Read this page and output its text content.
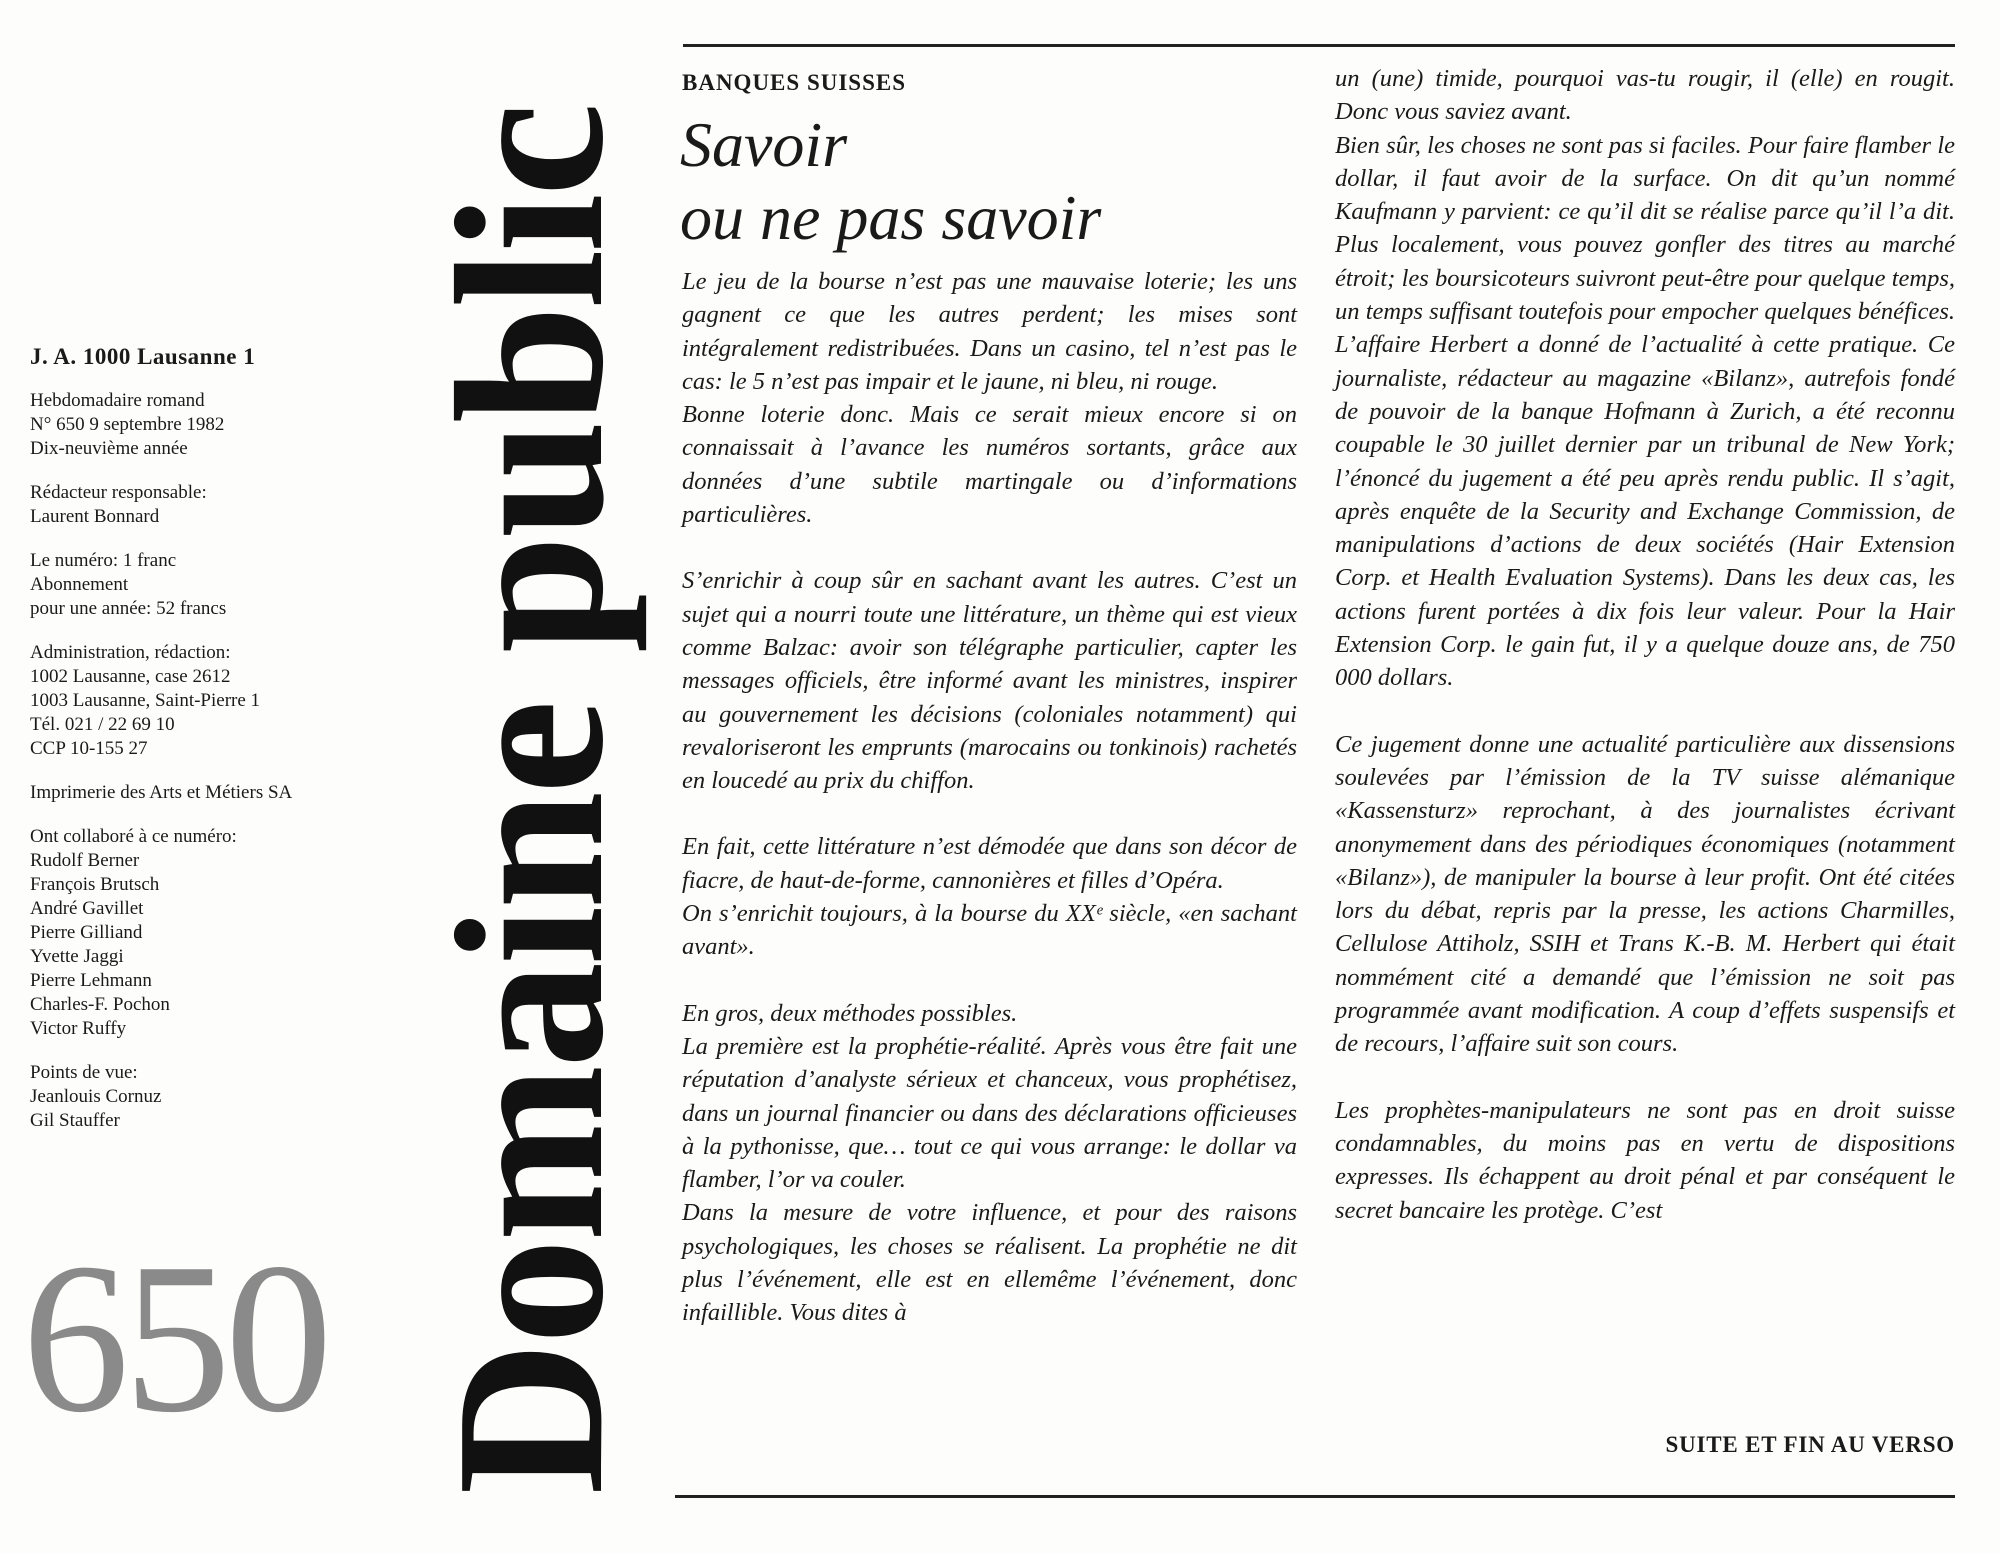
J. A. 1000 Lausanne 1
Hebdomadaire romand
N° 650 9 septembre 1982
Dix-neuvième année
Rédacteur responsable:
Laurent Bonnard
Le numéro: 1 franc
Abonnement
pour une année: 52 francs
Administration, rédaction:
1002 Lausanne, case 2612
1003 Lausanne, Saint-Pierre 1
Tél. 021 / 22 69 10
CCP 10-155 27
Imprimerie des Arts et Métiers SA
Ont collaboré à ce numéro:
Rudolf Berner
François Brutsch
André Gavillet
Pierre Gilliand
Yvette Jaggi
Pierre Lehmann
Charles-F. Pochon
Victor Ruffy
Points de vue:
Jeanlouis Cornuz
Gil Stauffer
650 Domaine public
BANQUES SUISSES
Savoir
ou ne pas savoir

Le jeu de la bourse n’est pas une mauvaise loterie; les uns gagnent ce que les autres perdent; les mises sont intégralement redistribuées. Dans un casino, tel n’est pas le cas: le 5 n’est pas impair et le jaune, ni bleu, ni rouge.

Bonne loterie donc. Mais ce serait mieux encore si on connaissait à l’avance les numéros sortants, grâce aux données d’une subtile martingale ou d’informations particulières.

S’enrichir à coup sûr en sachant avant les autres. C’est un sujet qui a nourri toute une littérature, un thème qui est vieux comme Balzac: avoir son télégraphe particulier, capter les messages officiels, être informé avant les ministres, inspirer au gouvernement les décisions (coloniales notamment) qui revaloriseront les emprunts (marocains ou tonkinois) rachetés en loucedé au prix du chiffon.

En fait, cette littérature n’est démodée que dans son décor de fiacre, de haut-de-forme, cannonières et filles d’Opéra.

On s’enrichit toujours, à la bourse du XXᵉ siècle, «en sachant avant».

En gros, deux méthodes possibles.

La première est la prophétie-réalité. Après vous être fait une réputation d’analyste sérieux et chanceux, vous prophétisez, dans un journal financier ou dans des déclarations officieuses à la pythonisse, que… tout ce qui vous arrange: le dollar va flamber, l’or va couler.

Dans la mesure de votre influence, et pour des raisons psychologiques, les choses se réalisent. La prophétie ne dit plus l’événement, elle est en ellemême l’événement, donc infaillible. Vous dites à

un (une) timide, pourquoi vas-tu rougir, il (elle) en rougit. Donc vous saviez avant.

Bien sûr, les choses ne sont pas si faciles. Pour faire flamber le dollar, il faut avoir de la surface. On dit qu’un nommé Kaufmann y parvient: ce qu’il dit se réalise parce qu’il l’a dit. Plus localement, vous pouvez gonfler des titres au marché étroit; les boursicoteurs suivront peut-être pour quelque temps, un temps suffisant toutefois pour empocher quelques bénéfices. L’affaire Herbert a donné de l’actualité à cette pratique. Ce journaliste, rédacteur au magazine «Bilanz», autrefois fondé de pouvoir de la banque Hofmann à Zurich, a été reconnu coupable le 30 juillet dernier par un tribunal de New York; l’énoncé du jugement a été peu après rendu public. Il s’agit, après enquête de la Security and Exchange Commission, de manipulations d’actions de deux sociétés (Hair Extension Corp. et Health Evaluation Systems). Dans les deux cas, les actions furent portées à dix fois leur valeur. Pour la Hair Extension Corp. le gain fut, il y a quelque douze ans, de 750 000 dollars.

Ce jugement donne une actualité particulière aux dissensions soulevées par l’émission de la TV suisse alémanique «Kassensturz» reprochant, à des journalistes écrivant anonymement dans des périodiques économiques (notamment «Bilanz»), de manipuler la bourse à leur profit. Ont été citées lors du débat, repris par la presse, les actions Charmilles, Cellulose Attiholz, SSIH et Trans K.-B. M. Herbert qui était nommément cité a demandé que l’émission ne soit pas programmée avant modification. A coup d’effets suspensifs et de recours, l’affaire suit son cours.

Les prophètes-manipulateurs ne sont pas en droit suisse condamnables, du moins pas en vertu de dispositions expresses. Ils échappent au droit pénal et par conséquent le secret bancaire les protège. C’est

SUITE ET FIN AU VERSO
